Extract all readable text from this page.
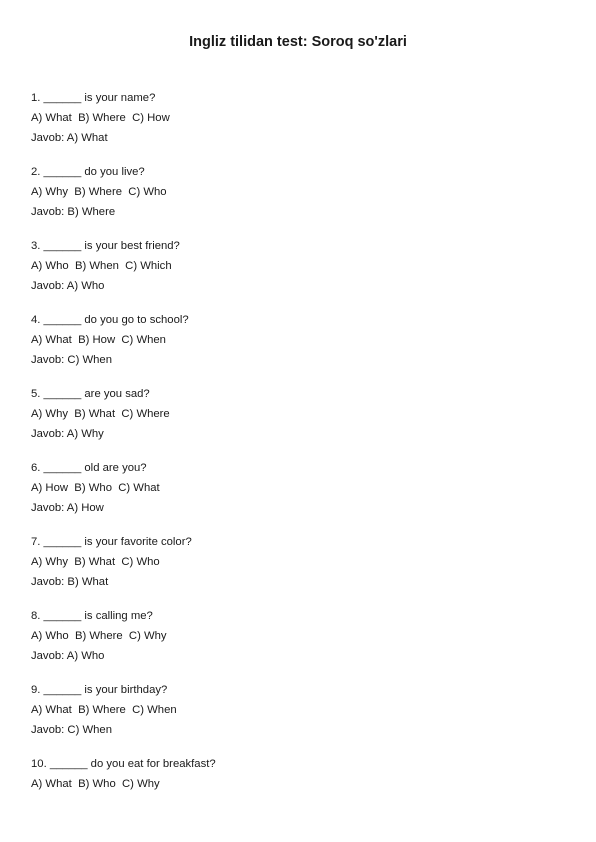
Ingliz tilidan test: Soroq so'zlari
1. ______ is your name?
A) What  B) Where  C) How
Javob: A) What
2. ______ do you live?
A) Why  B) Where  C) Who
Javob: B) Where
3. ______ is your best friend?
A) Who  B) When  C) Which
Javob: A) Who
4. ______ do you go to school?
A) What  B) How  C) When
Javob: C) When
5. ______ are you sad?
A) Why  B) What  C) Where
Javob: A) Why
6. ______ old are you?
A) How  B) Who  C) What
Javob: A) How
7. ______ is your favorite color?
A) Why  B) What  C) Who
Javob: B) What
8. ______ is calling me?
A) Who  B) Where  C) Why
Javob: A) Who
9. ______ is your birthday?
A) What  B) Where  C) When
Javob: C) When
10. ______ do you eat for breakfast?
A) What  B) Who  C) Why
